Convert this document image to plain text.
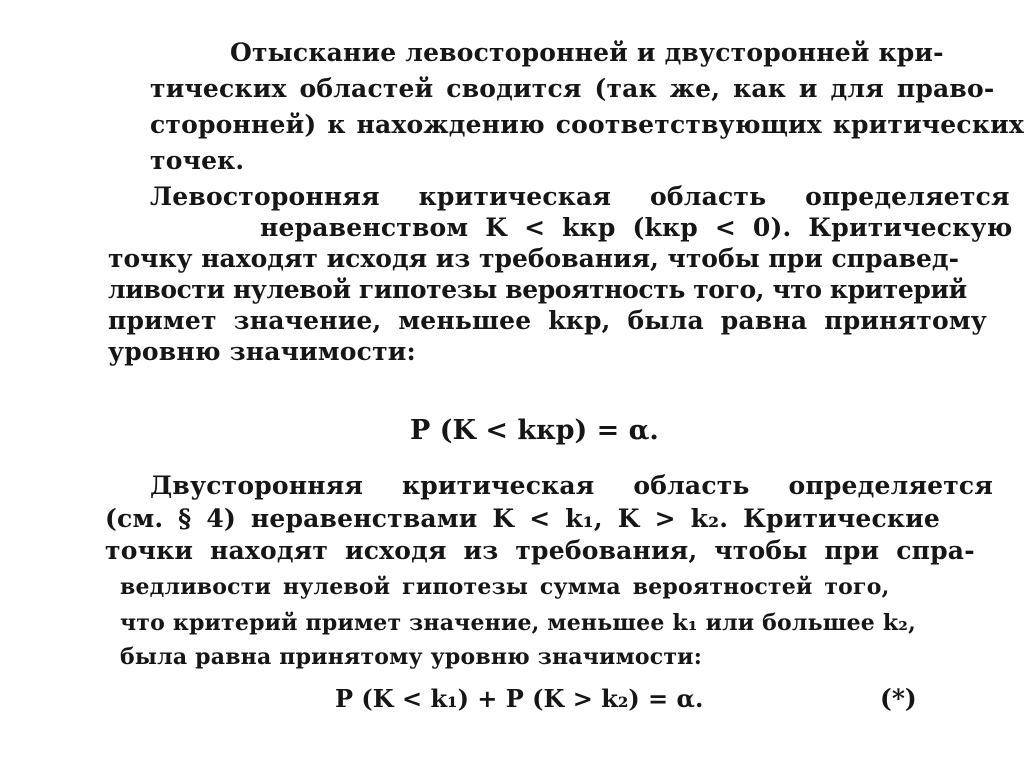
Отыскание левосторонней и двусторонней кри-
тических областей сводится (так же, как и для право-
сторонней) к нахождению соответствующих критических
точек.
Левосторонняя критическая область определяется
неравенством K < kкр (kкр < 0). Критическую
точку находят исходя из требования, чтобы при справед-
ливости нулевой гипотезы вероятность того, что критерий
примет значение, меньшее kкр, была равна принятому
уровню значимости:
P (K < kкр) = α.
Двусторонняя критическая область определяется
(см. § 4) неравенствами K < k₁, K > k₂. Критические
точки находят исходя из требования, чтобы при спра-
ведливости нулевой гипотезы сумма вероятностей того,
что критерий примет значение, меньшее k₁ или большее k₂,
была равна принятому уровню значимости:
P (K < k₁) + P (K > k₂) = α.	(*)
